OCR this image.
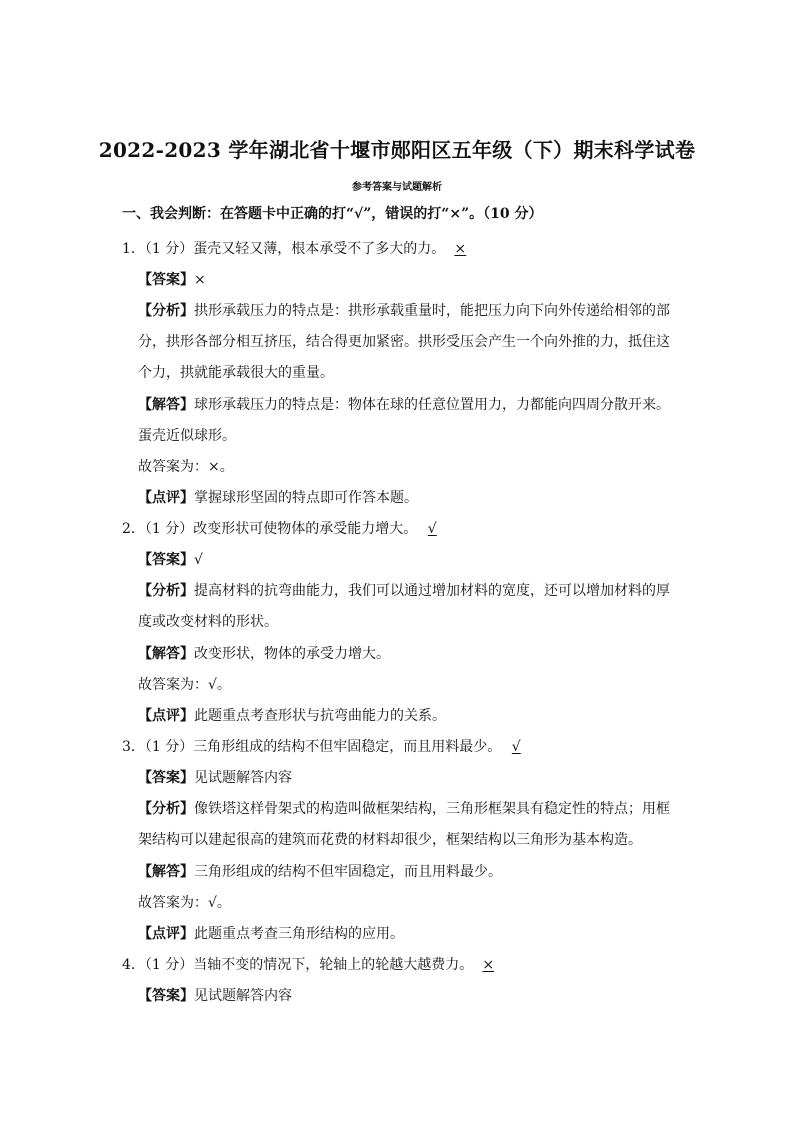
2022-2023 学年湖北省十堰市郧阳区五年级（下）期末科学试卷
参考答案与试题解析
一、我会判断：在答题卡中正确的打“√”，错误的打“×”。（10 分）
1．（1 分）蛋壳又轻又薄，根本承受不了多大的力。 ×
【答案】×
【分析】拱形承载压力的特点是：拱形承载重量时，能把压力向下向外传递给相邻的部
分，拱形各部分相互挤压，结合得更加紧密。拱形受压会产生一个向外推的力，抵住这
个力，拱就能承载很大的重量。
【解答】球形承载压力的特点是：物体在球的任意位置用力，力都能向四周分散开来。
蛋壳近似球形。
故答案为：×。
【点评】掌握球形坚固的特点即可作答本题。
2．（1 分）改变形状可使物体的承受能力增大。 √
【答案】√
【分析】提高材料的抗弯曲能力，我们可以通过增加材料的宽度，还可以增加材料的厚
度或改变材料的形状。
【解答】改变形状，物体的承受力增大。
故答案为：√。
【点评】此题重点考查形状与抗弯曲能力的关系。
3．（1 分）三角形组成的结构不但牢固稳定，而且用料最少。 √
【答案】见试题解答内容
【分析】像铁塔这样骨架式的构造叫做框架结构，三角形框架具有稳定性的特点；用框
架结构可以建起很高的建筑而花费的材料却很少，框架结构以三角形为基本构造。
【解答】三角形组成的结构不但牢固稳定，而且用料最少。
故答案为：√。
【点评】此题重点考查三角形结构的应用。
4．（1 分）当轴不变的情况下，轮轴上的轮越大越费力。 ×
【答案】见试题解答内容
